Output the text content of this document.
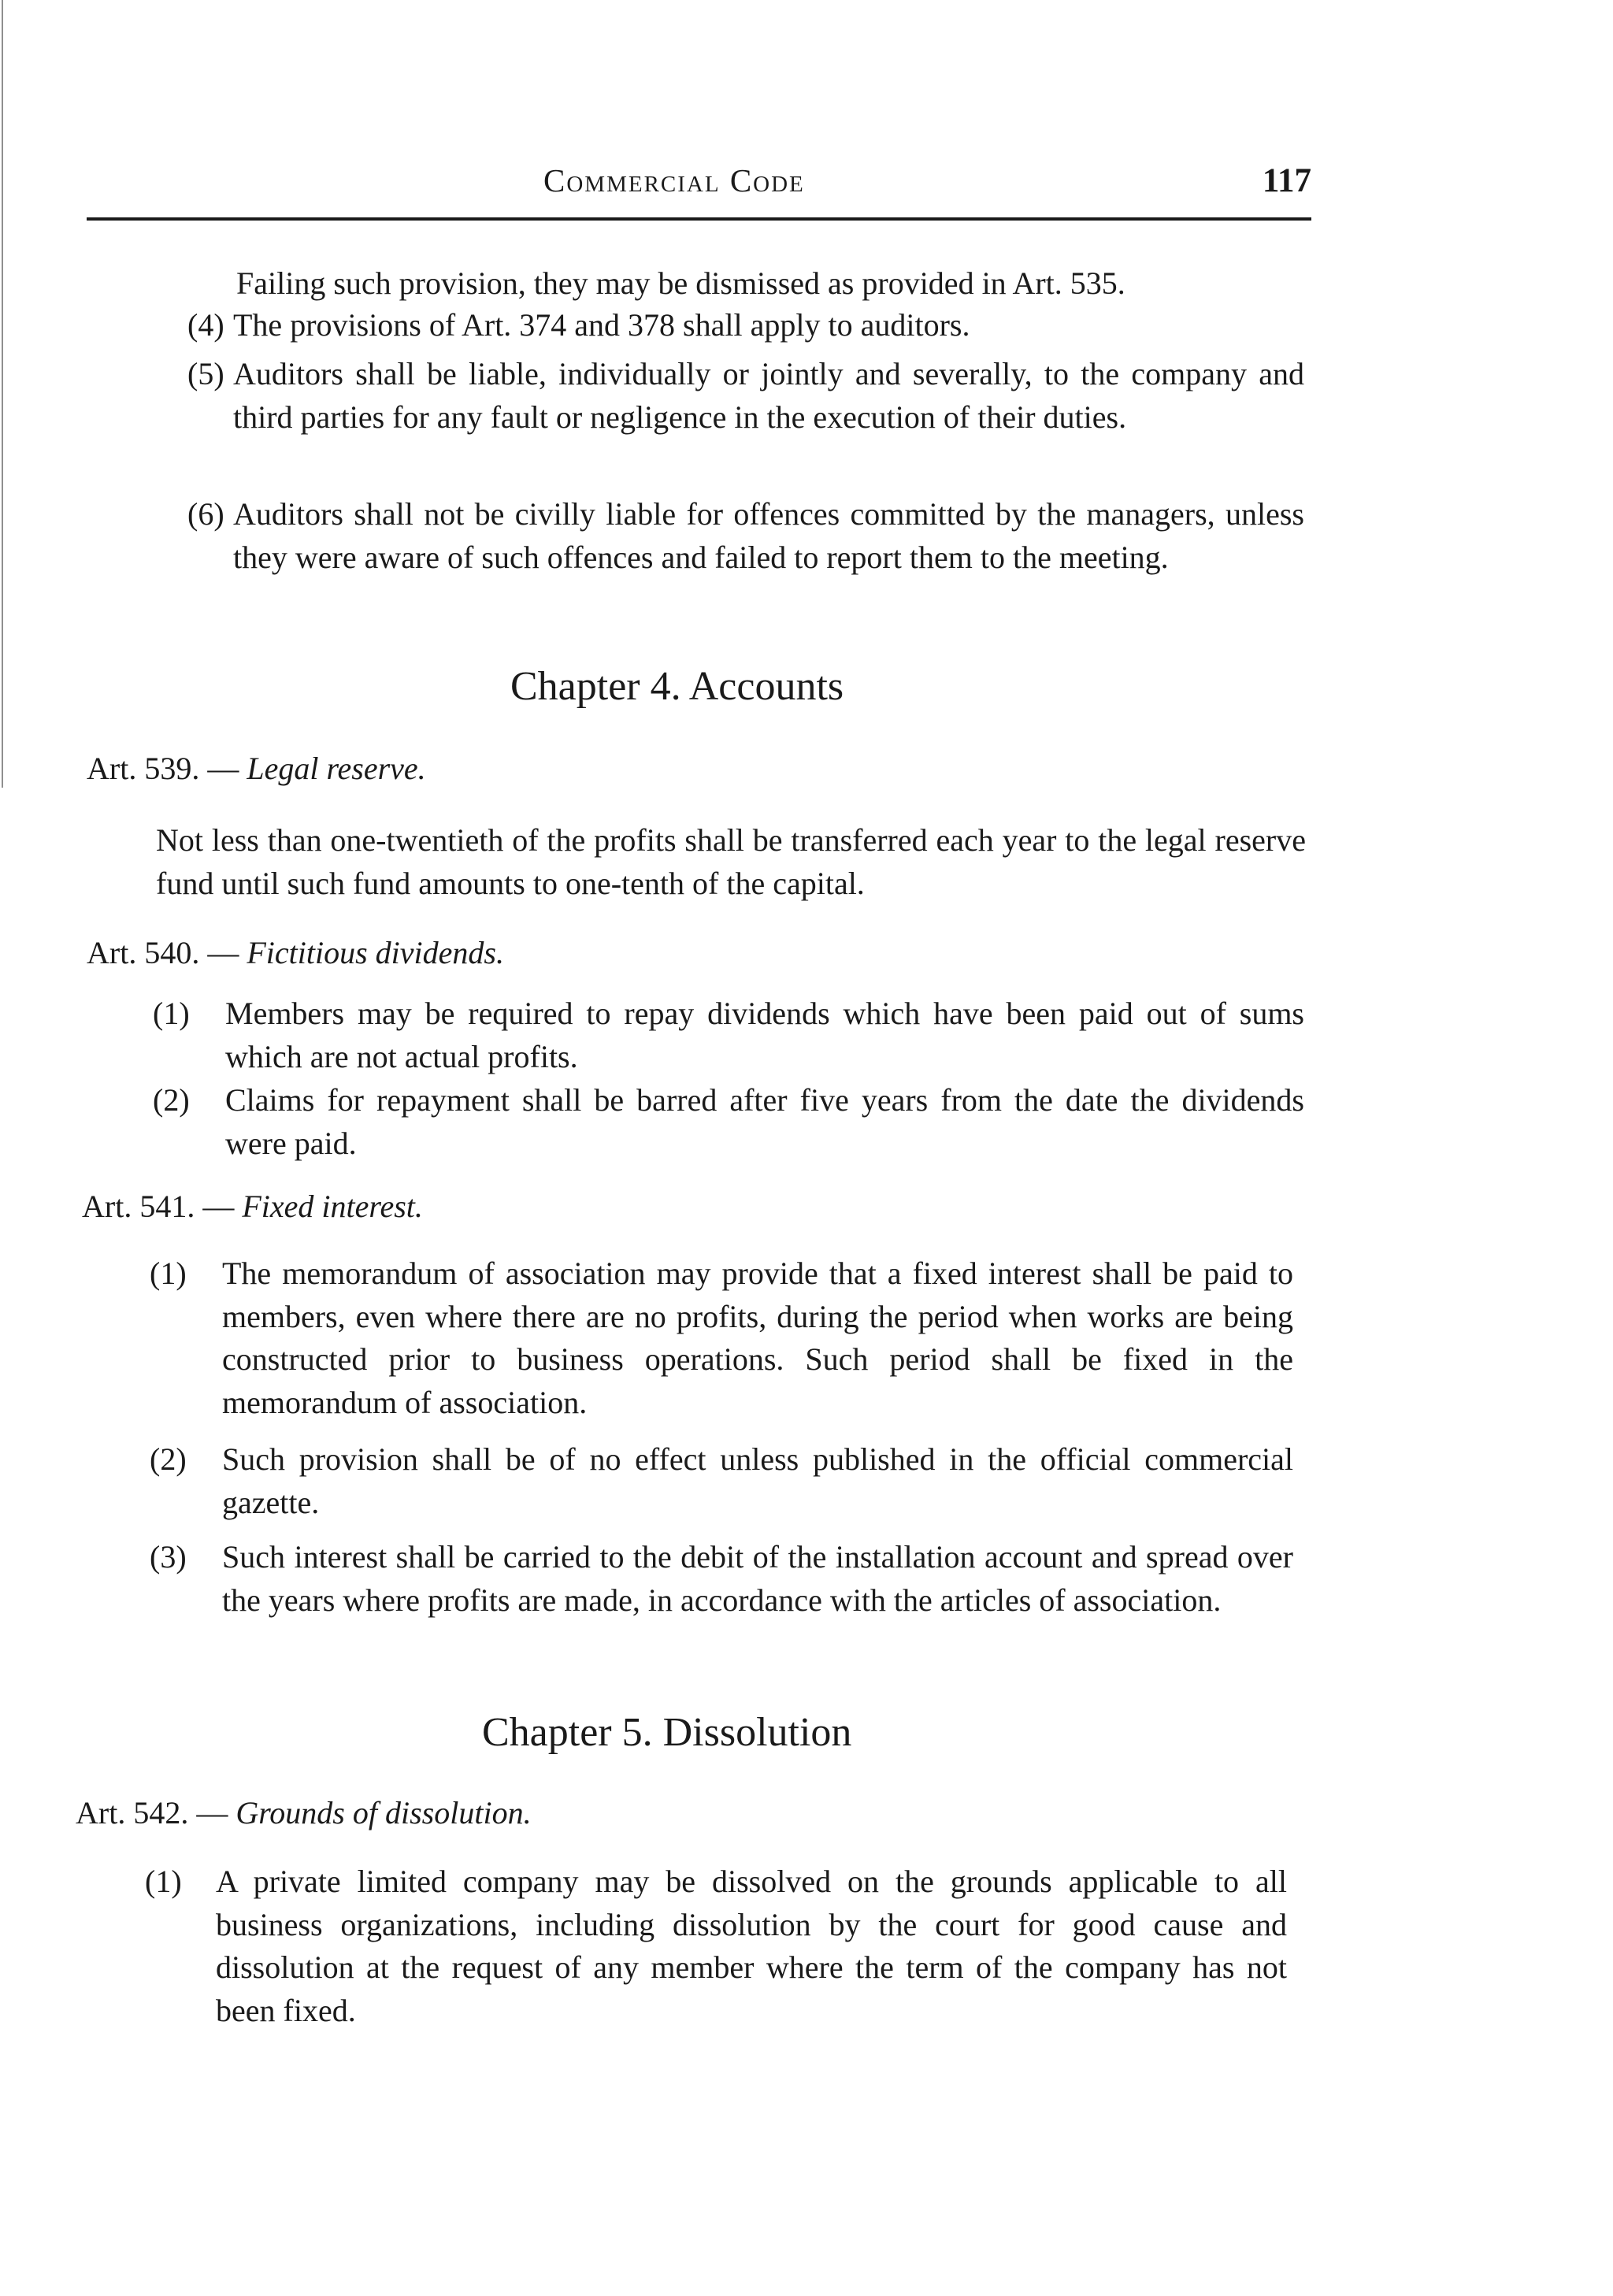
Commercial Code	117
Failing such provision, they may be dismissed as provided in Art. 535.
(4) The provisions of Art. 374 and 378 shall apply to auditors.
(5) Auditors shall be liable, individually or jointly and severally, to the company and third parties for any fault or negligence in the execution of their duties.
(6) Auditors shall not be civilly liable for offences committed by the managers, unless they were aware of such offences and failed to report them to the meeting.
Chapter 4. Accounts
Art. 539. — Legal reserve.
Not less than one-twentieth of the profits shall be transferred each year to the legal reserve fund until such fund amounts to one-tenth of the capital.
Art. 540. — Fictitious dividends.
(1) Members may be required to repay dividends which have been paid out of sums which are not actual profits.
(2) Claims for repayment shall be barred after five years from the date the dividends were paid.
Art. 541. — Fixed interest.
(1) The memorandum of association may provide that a fixed interest shall be paid to members, even where there are no profits, during the period when works are being constructed prior to business operations. Such period shall be fixed in the memorandum of association.
(2) Such provision shall be of no effect unless published in the official commercial gazette.
(3) Such interest shall be carried to the debit of the installation account and spread over the years where profits are made, in accordance with the articles of association.
Chapter 5. Dissolution
Art. 542. — Grounds of dissolution.
(1) A private limited company may be dissolved on the grounds applicable to all business organizations, including dissolution by the court for good cause and dissolution at the request of any member where the term of the company has not been fixed.
